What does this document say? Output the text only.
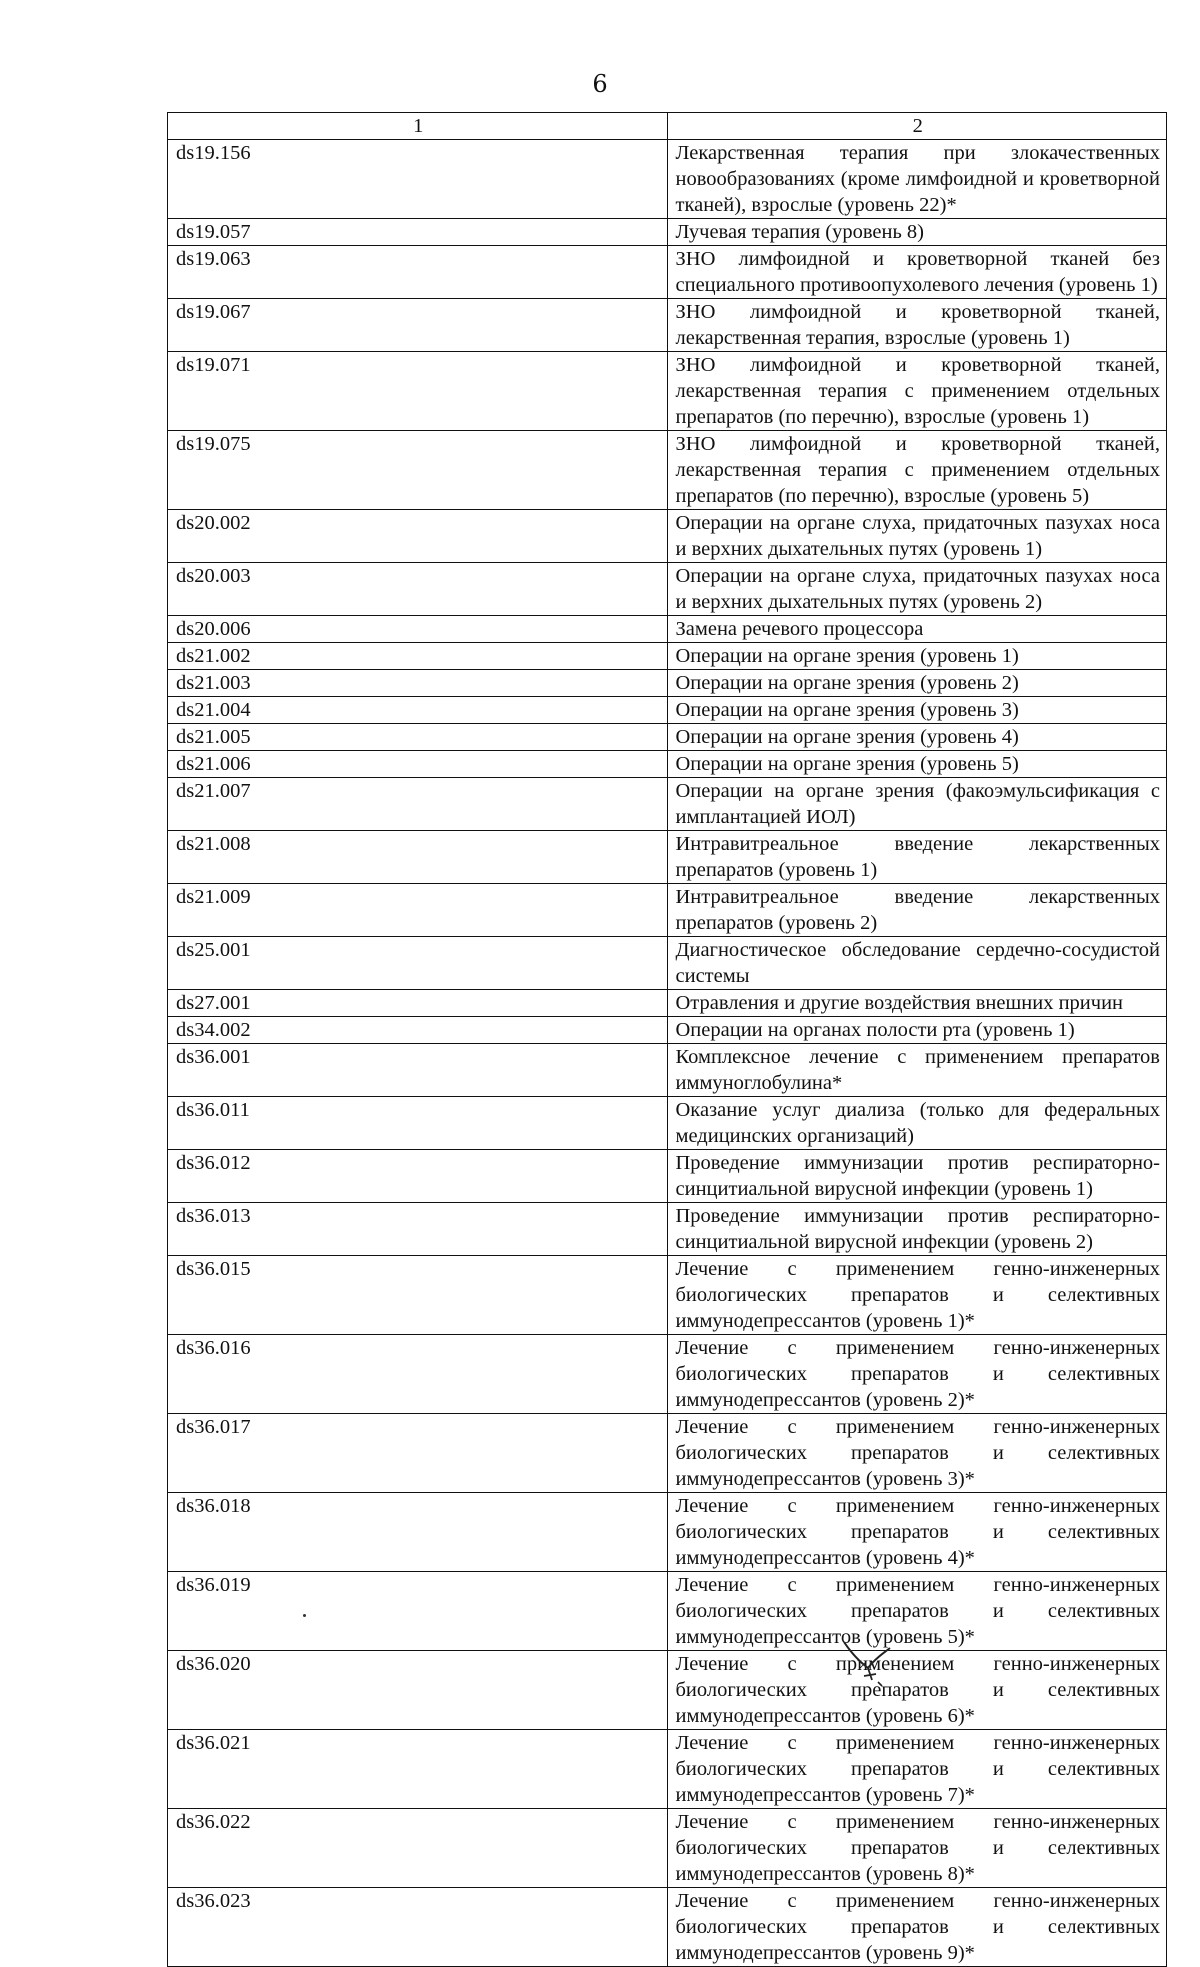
6
1	2
ds19.156	Лекарственная терапия при злокачественных новообразованиях (кроме лимфоидной и кроветворной тканей), взрослые (уровень 22)*
ds19.057	Лучевая терапия (уровень 8)
ds19.063	ЗНО лимфоидной и кроветворной тканей без специального противоопухолевого лечения (уровень 1)
ds19.067	ЗНО лимфоидной и кроветворной тканей, лекарственная терапия, взрослые (уровень 1)
ds19.071	ЗНО лимфоидной и кроветворной тканей, лекарственная терапия с применением отдельных препаратов (по перечню), взрослые (уровень 1)
ds19.075	ЗНО лимфоидной и кроветворной тканей, лекарственная терапия с применением отдельных препаратов (по перечню), взрослые (уровень 5)
ds20.002	Операции на органе слуха, придаточных пазухах носа и верхних дыхательных путях (уровень 1)
ds20.003	Операции на органе слуха, придаточных пазухах носа и верхних дыхательных путях (уровень 2)
ds20.006	Замена речевого процессора
ds21.002	Операции на органе зрения (уровень 1)
ds21.003	Операции на органе зрения (уровень 2)
ds21.004	Операции на органе зрения (уровень 3)
ds21.005	Операции на органе зрения (уровень 4)
ds21.006	Операции на органе зрения (уровень 5)
ds21.007	Операции на органе зрения (факоэмульсификация с имплантацией ИОЛ)
ds21.008	Интравитреальное введение лекарственных препаратов (уровень 1)
ds21.009	Интравитреальное введение лекарственных препаратов (уровень 2)
ds25.001	Диагностическое обследование сердечно-сосудистой системы
ds27.001	Отравления и другие воздействия внешних причин
ds34.002	Операции на органах полости рта (уровень 1)
ds36.001	Комплексное лечение с применением препаратов иммуноглобулина*
ds36.011	Оказание услуг диализа (только для федеральных медицинских организаций)
ds36.012	Проведение иммунизации против респираторно-синцитиальной вирусной инфекции (уровень 1)
ds36.013	Проведение иммунизации против респираторно-синцитиальной вирусной инфекции (уровень 2)
ds36.015	Лечение с применением генно-инженерных биологических препаратов и селективных иммунодепрессантов (уровень 1)*
ds36.016	Лечение с применением генно-инженерных биологических препаратов и селективных иммунодепрессантов (уровень 2)*
ds36.017	Лечение с применением генно-инженерных биологических препаратов и селективных иммунодепрессантов (уровень 3)*
ds36.018	Лечение с применением генно-инженерных биологических препаратов и селективных иммунодепрессантов (уровень 4)*
ds36.019	Лечение с применением генно-инженерных биологических препаратов и селективных иммунодепрессантов (уровень 5)*
ds36.020	Лечение с применением генно-инженерных биологических препаратов и селективных иммунодепрессантов (уровень 6)*
ds36.021	Лечение с применением генно-инженерных биологических препаратов и селективных иммунодепрессантов (уровень 7)*
ds36.022	Лечение с применением генно-инженерных биологических препаратов и селективных иммунодепрессантов (уровень 8)*
ds36.023	Лечение с применением генно-инженерных биологических препаратов и селективных иммунодепрессантов (уровень 9)*
